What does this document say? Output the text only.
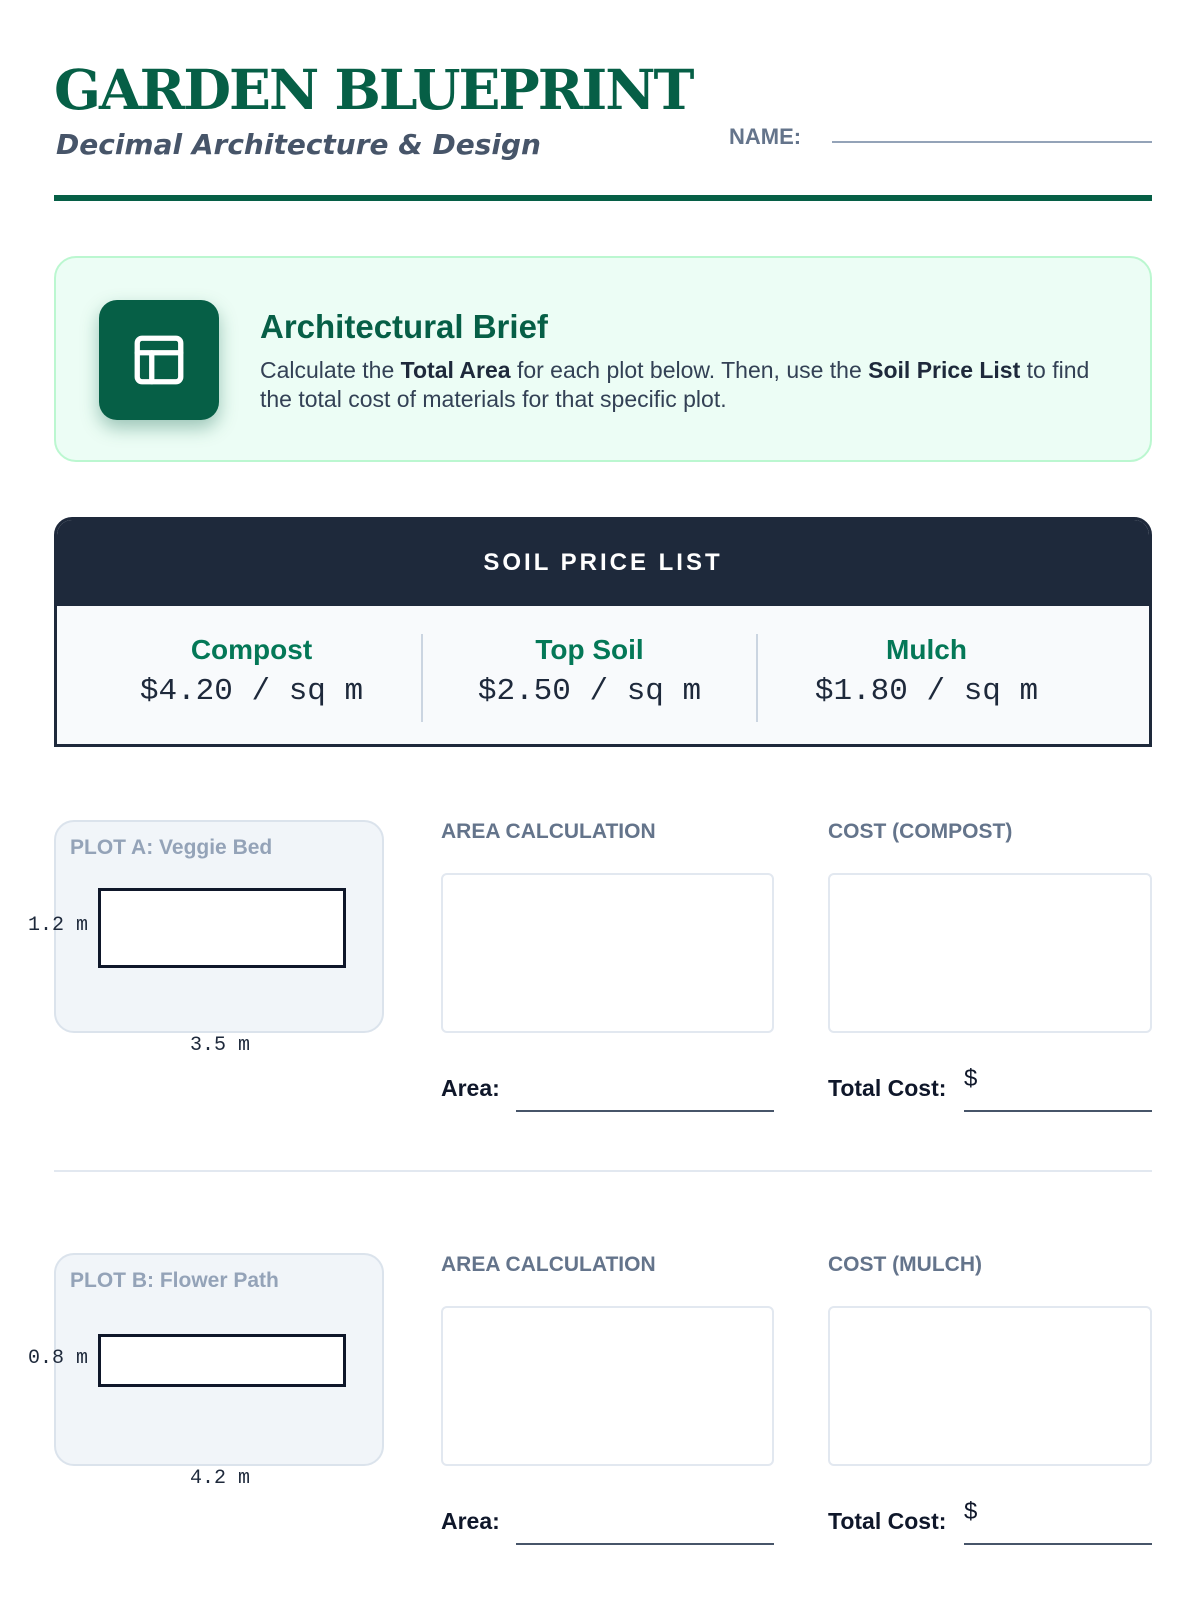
GARDEN BLUEPRINT
Decimal Architecture & Design	NAME:
Architectural Brief
Calculate the Total Area for each plot below. Then, use the Soil Price List to find the total cost of materials for that specific plot.
SOIL PRICE LIST
Compost
$4.20 / sq m
Top Soil
$2.50 / sq m
Mulch
$1.80 / sq m
PLOT A: Veggie Bed
1.2 m
3.5 m
AREA CALCULATION
Area:
COST (COMPOST)
Total Cost: $
PLOT B: Flower Path
0.8 m
4.2 m
AREA CALCULATION
Area:
COST (MULCH)
Total Cost: $
